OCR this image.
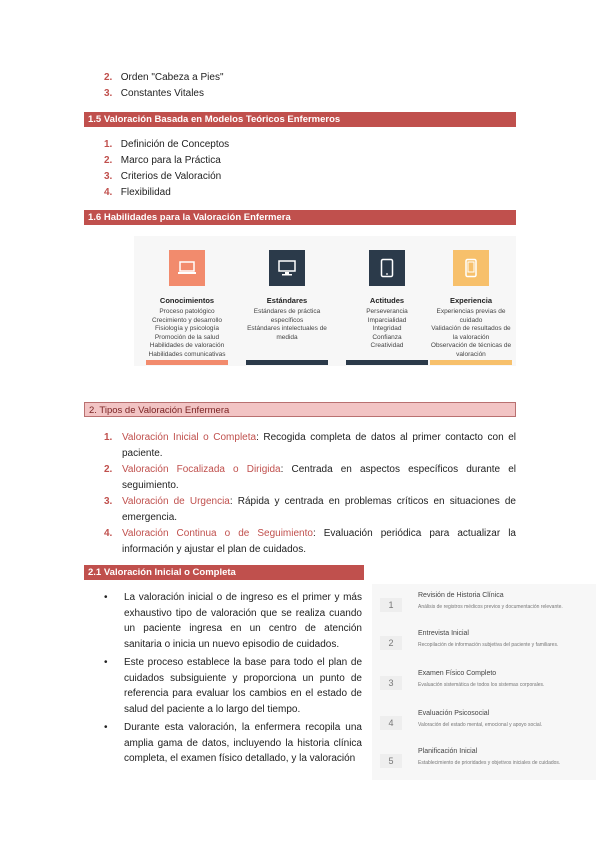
2. Orden "Cabeza a Pies"
3. Constantes Vitales
1.5 Valoración Basada en Modelos Teóricos Enfermeros
1. Definición de Conceptos
2. Marco para la Práctica
3. Criterios de Valoración
4. Flexibilidad
1.6 Habilidades para la Valoración Enfermera
Conocimientos
Proceso patológico
Crecimiento y desarrollo
Fisiología y psicología
Promoción de la salud
Habilidades de valoración
Habilidades comunicativas
Estándares
Estándares de práctica
específicos
Estándares intelectuales de
medida
Actitudes
Perseverancia
Imparcialidad
Integridad
Confianza
Creatividad
Experiencia
Experiencias previas de
cuidado
Validación de resultados de
la valoración
Observación de técnicas de
valoración
2. Tipos de Valoración Enfermera
1. Valoración Inicial o Completa: Recogida completa de datos al primer contacto con el paciente.
2. Valoración Focalizada o Dirigida: Centrada en aspectos específicos durante el seguimiento.
3. Valoración de Urgencia: Rápida y centrada en problemas críticos en situaciones de emergencia.
4. Valoración Continua o de Seguimiento: Evaluación periódica para actualizar la información y ajustar el plan de cuidados.
2.1 Valoración Inicial o Completa
• La valoración inicial o de ingreso es el primer y más exhaustivo tipo de valoración que se realiza cuando un paciente ingresa en un centro de atención sanitaria o inicia un nuevo episodio de cuidados.
• Este proceso establece la base para todo el plan de cuidados subsiguiente y proporciona un punto de referencia para evaluar los cambios en el estado de salud del paciente a lo largo del tiempo.
• Durante esta valoración, la enfermera recopila una amplia gama de datos, incluyendo la historia clínica completa, el examen físico detallado, y la valoración
1
Revisión de Historia Clínica
Análisis de registros médicos previos y documentación relevante.
2
Entrevista Inicial
Recopilación de información subjetiva del paciente y familiares.
3
Examen Físico Completo
Evaluación sistemática de todos los sistemas corporales.
4
Evaluación Psicosocial
Valoración del estado mental, emocional y apoyo social.
5
Planificación Inicial
Establecimiento de prioridades y objetivos iniciales de cuidados.
